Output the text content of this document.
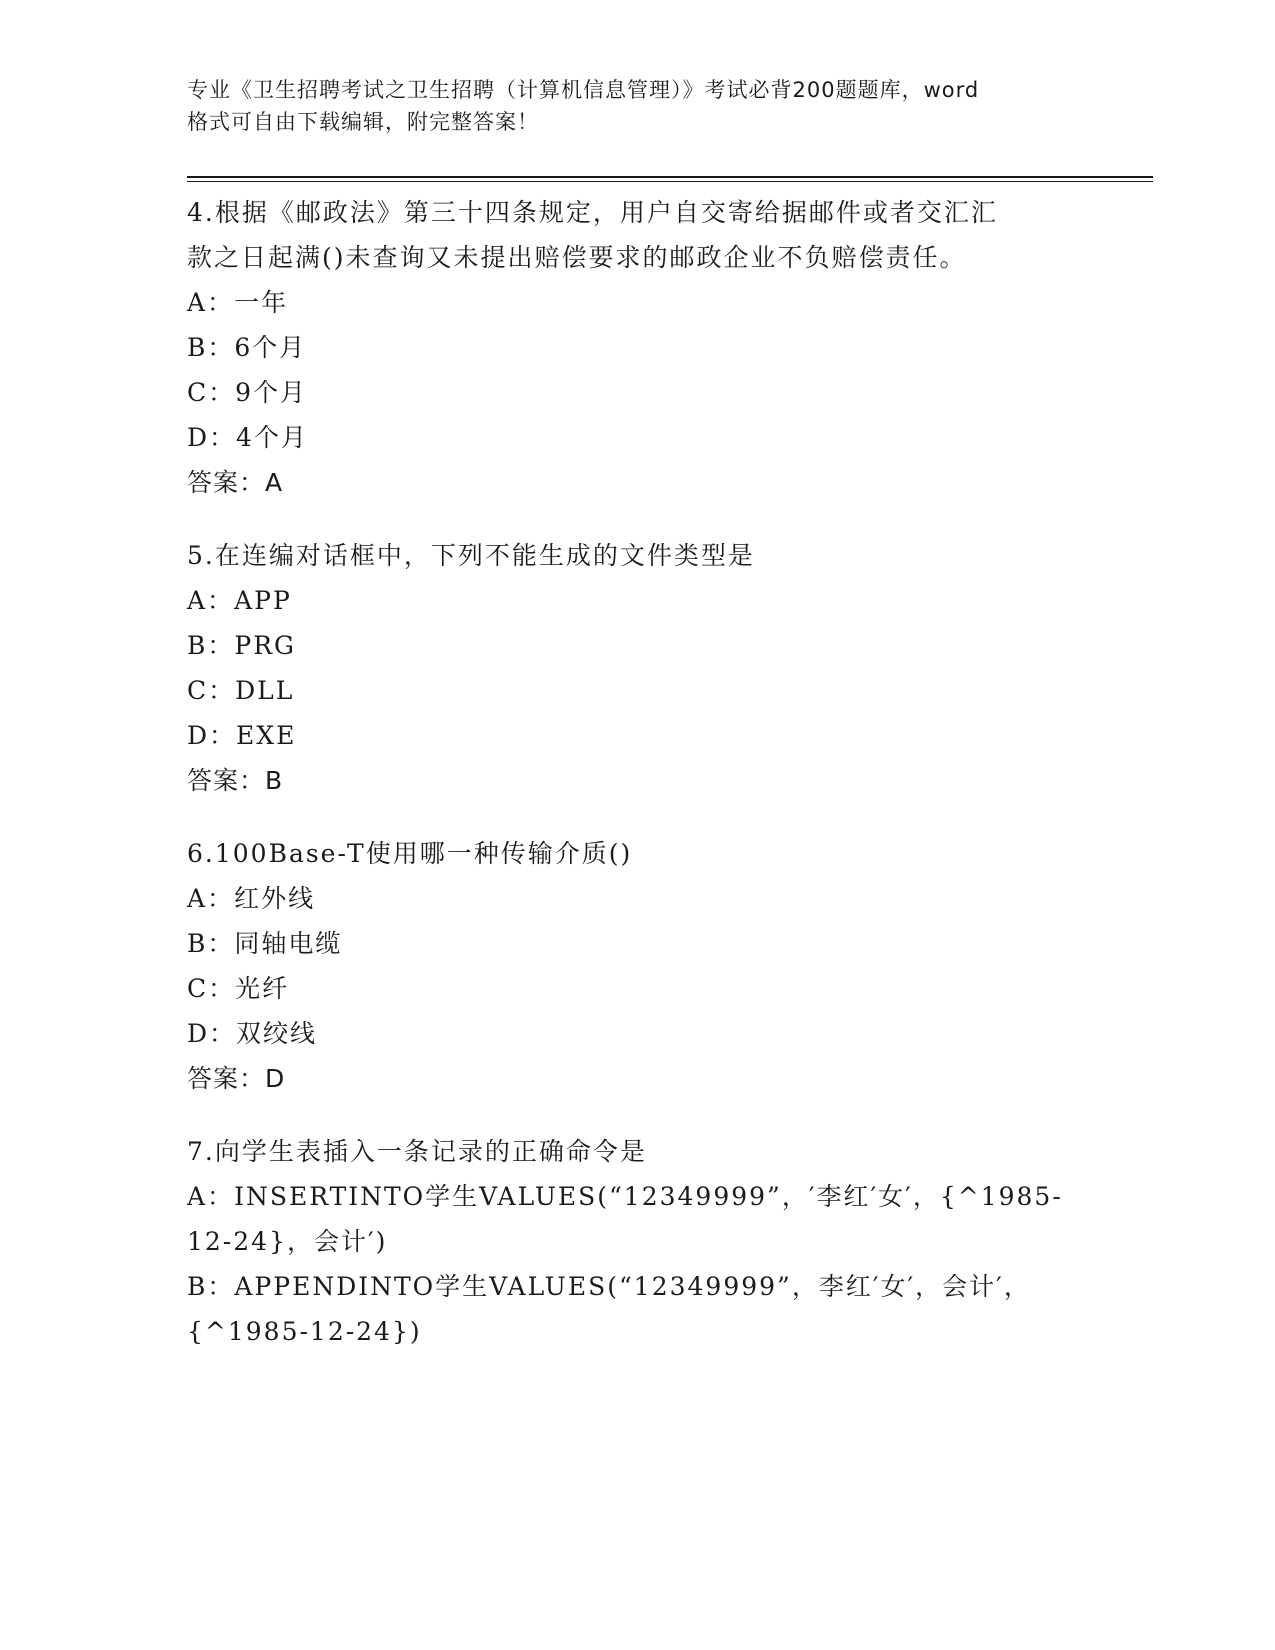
专业《卫生招聘考试之卫生招聘（计算机信息管理）》考试必背200题题库，word
格式可自由下载编辑，附完整答案！

4.根据《邮政法》第三十四条规定，用户自交寄给据邮件或者交汇汇

款之日起满()未查询又未提出赔偿要求的邮政企业不负赔偿责任。

A：一年

B：6个月

C：9个月

D：4个月

答案：A

5.在连编对话框中，下列不能生成的文件类型是

A：APP

B：PRG

C：DLL

D：EXE

答案：B

6.100Base-T使用哪一种传输介质()

A：红外线

B：同轴电缆

C：光纤

D：双绞线

答案：D

7.向学生表插入一条记录的正确命令是

A：INSERTINTO学生VALUES(“12349999”，′李红′女′，{^1985-

12-24}，会计′)

B：APPENDINTO学生VALUES(“12349999”，李红′女′，会计′，

{^1985-12-24})
